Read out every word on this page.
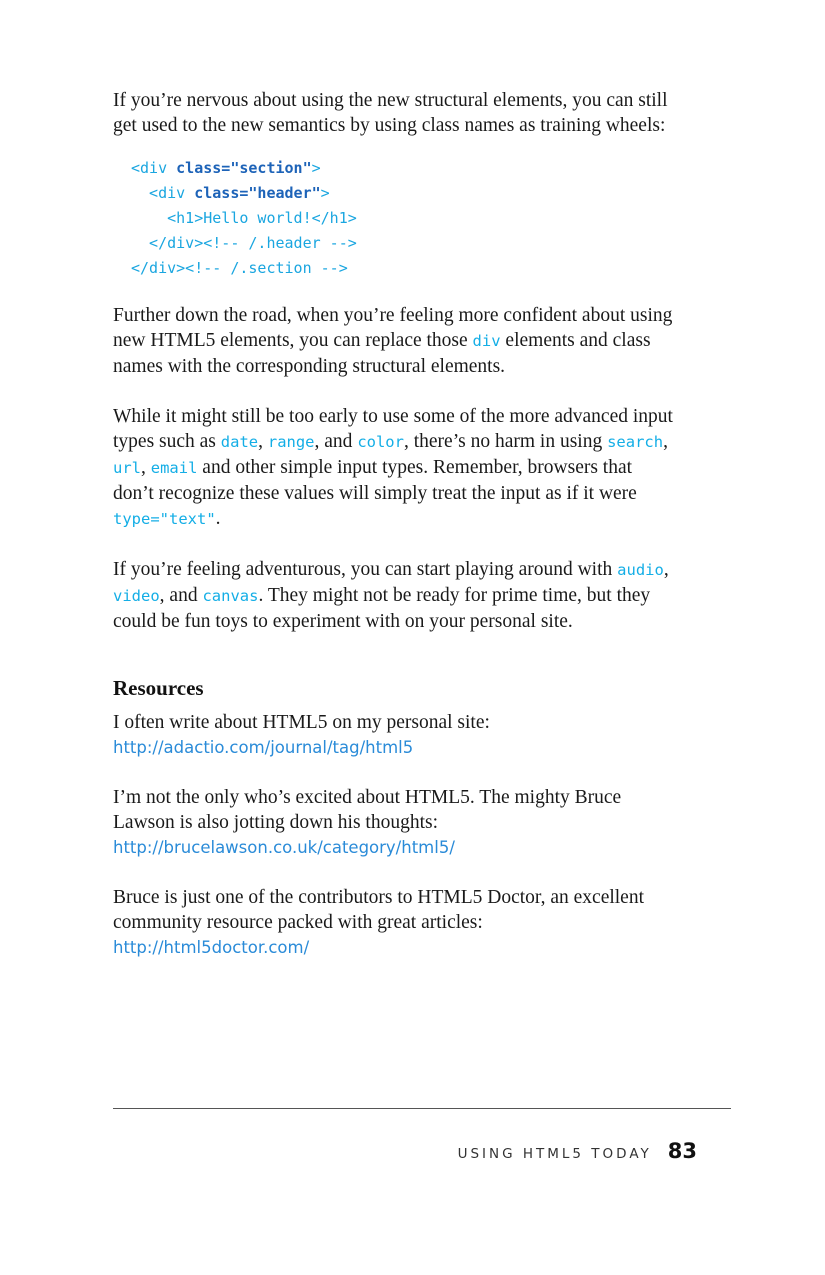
If you’re nervous about using the new structural elements, you can still get used to the new semantics by using class names as training wheels:

<div class="section">
<div class="header">
<h1>Hello world!</h1>
</div><!-- /.header -->
</div><!-- /.section -->

Further down the road, when you’re feeling more confident about using new HTML5 elements, you can replace those div elements and class names with the corresponding structural elements.

While it might still be too early to use some of the more advanced input types such as date, range, and color, there’s no harm in using search, url, email and other simple input types. Remember, browsers that don’t recognize these values will simply treat the input as if it were type="text".

If you’re feeling adventurous, you can start playing around with audio, video, and canvas. They might not be ready for prime time, but they could be fun toys to experiment with on your personal site.

Resources

I often write about HTML5 on my personal site:

http://adactio.com/journal/tag/html5

I’m not the only who’s excited about HTML5. The mighty Bruce Lawson is also jotting down his thoughts:

http://brucelawson.co.uk/category/html5/

Bruce is just one of the contributors to HTML5 Doctor, an excellent community resource packed with great articles:

http://html5doctor.com/
USING HTML5 TODAY 83
